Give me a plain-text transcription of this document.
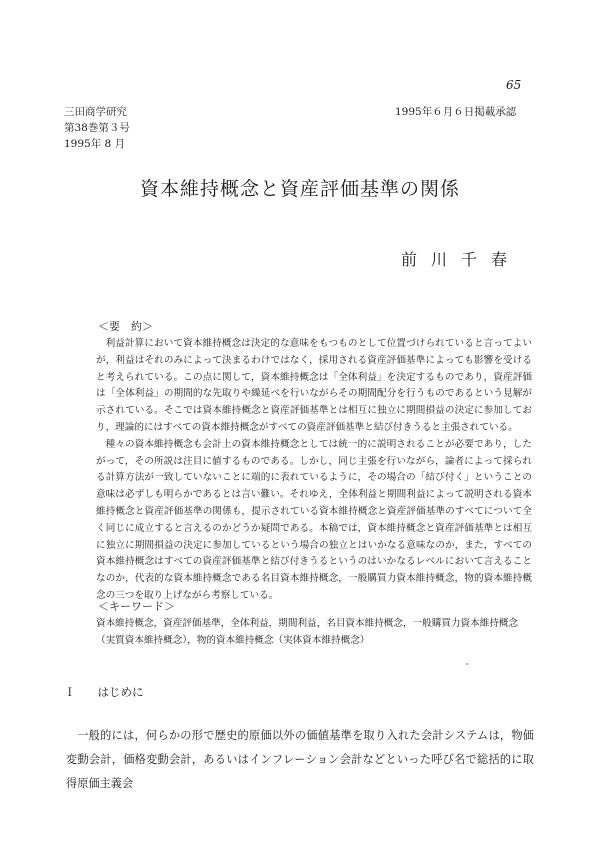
65
三田商学研究
第38巻第３号
1995年 8 月
1995年６月６日掲載承認
資本維持概念と資産評価基準の関係
前川千春
＜要　約＞

利益計算において資本維持概念は決定的な意味をもつものとして位置づけられていると言ってよいが，利益はそれのみによって決まるわけではなく，採用される資産評価基準によっても影響を受けると考えられている。この点に関して，資本維持概念は「全体利益」を決定するものであり，資産評価は「全体利益」の期間的な先取りや繰延べを行いながらその期間配分を行うものであるという見解が示されている。そこでは資本維持概念と資産評価基準とは相互に独立に期間損益の決定に参加しており，理論的にはすべての資本維持概念がすべての資産評価基準と結び付きうると主張されている。

種々の資本維持概念も会計上の資本維持概念としては統一的に説明されることが必要であり，したがって，その所説は注目に値するものである。しかし，同じ主張を行いながら，論者によって採られる計算方法が一致していないことに端的に表れているように，その場合の「結び付く」ということの意味は必ずしも明らかであるとは言い難い。それゆえ，全体利益と期間利益によって説明される資本維持概念と資産評価基準の関係も，提示されている資本維持概念と資産評価基準のすべてについて全く同じに成立すると言えるのかどうか疑問である。本稿では，資本維持概念と資産評価基準とは相互に独立に期間損益の決定に参加しているという場合の独立とはいかなる意味なのか，また，すべての資本維持概念はすべての資産評価基準と結び付きうるというのはいかなるレベルにおいて言えることなのか，代表的な資本維持概念である名目資本維持概念，一般購買力資本維持概念，物的資本維持概念の三つを取り上げながら考察している。

＜キーワード＞
資本維持概念，資産評価基準，全体利益，期間利益，名目資本維持概念，一般購買力資本維持概念（実質資本維持概念），物的資本維持概念（実体資本維持概念）
Ｉ はじめに

一般的には，何らかの形で歴史的原価以外の価値基準を取り入れた会計システムは，物価変動会計，価格変動会計，あるいはインフレーション会計などといった呼び名で総括的に取得原価主義会
